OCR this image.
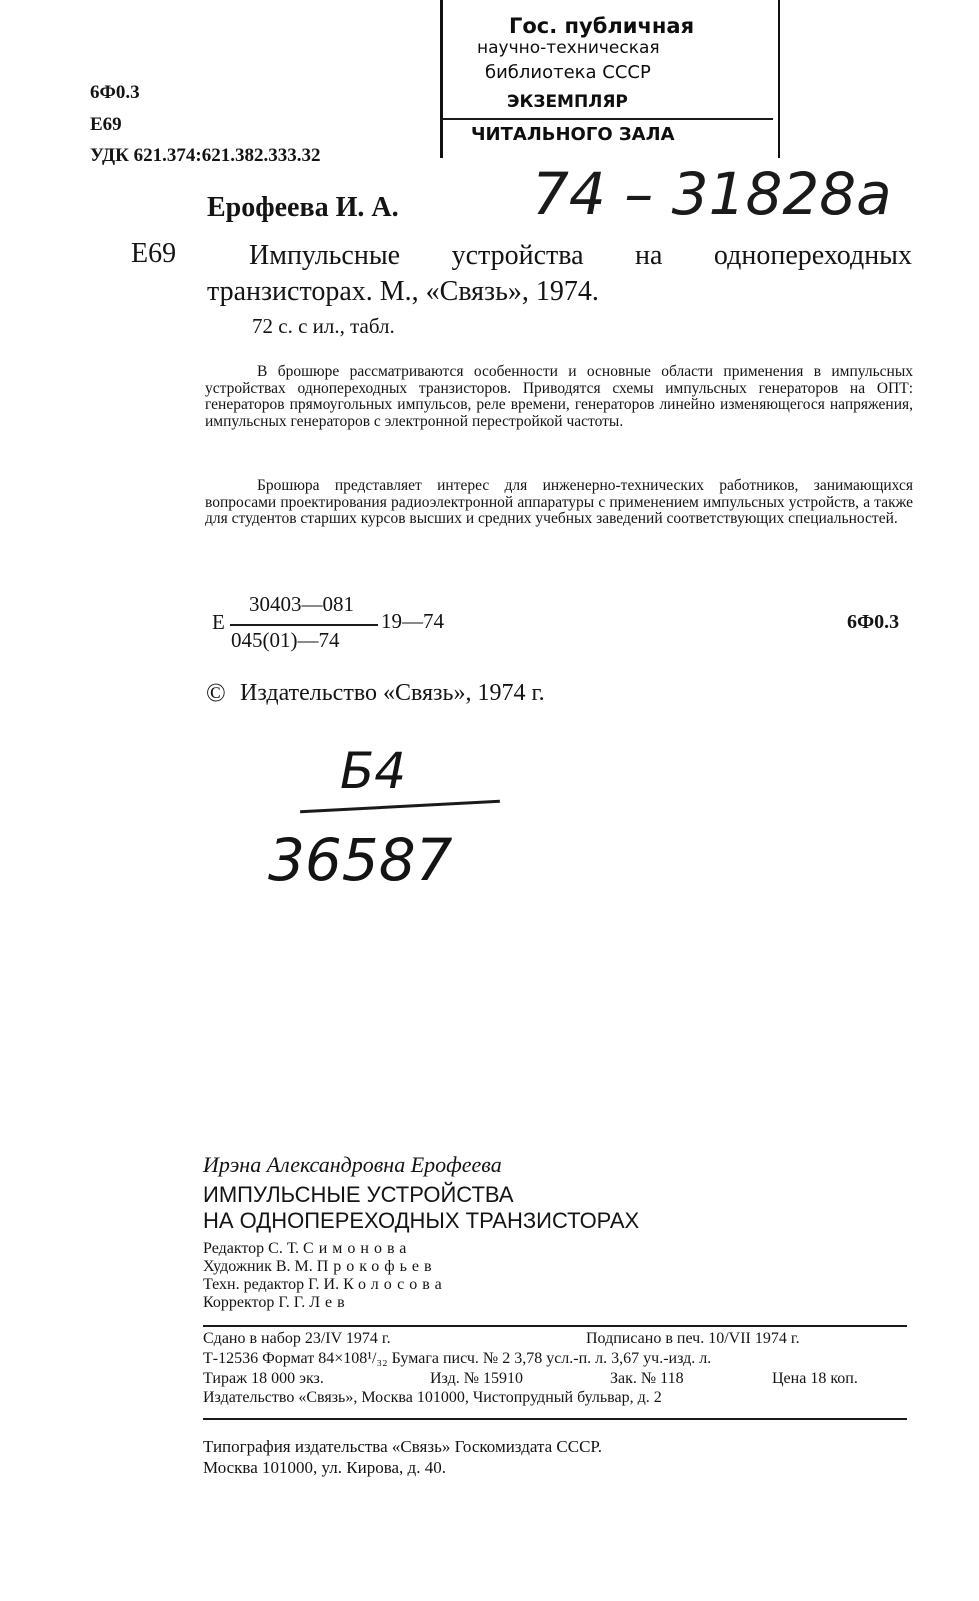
Гос. публичная
научно-техническая
библиотека СССР
ЭКЗЕМПЛЯР
ЧИТАЛЬНОГО ЗАЛА
6Ф0.3
Е69
УДК 621.374:621.382.333.32
74 – 31828а
Ерофеева И. А.
Е69	Импульсные устройства на однопереходных транзисторах. М., «Связь», 1974.
72 с. с ил., табл.
В брошюре рассматриваются особенности и основные области применения в импульсных устройствах однопереходных транзисторов. Приводятся схемы импульсных генераторов на ОПТ: генераторов прямоугольных импульсов, реле времени, генераторов линейно изменяющегося напряжения, импульсных генераторов с электронной перестройкой частоты.
Брошюра представляет интерес для инженерно-технических работников, занимающихся вопросами проектирования радиоэлектронной аппаратуры с применением импульсных устройств, а также для студентов старших курсов высших и средних учебных заведений соответствующих специальностей.
Е
30403—081
045(01)—74
19—74	6Ф0.3
© Издательство «Связь», 1974 г.
Б4
36587
Ирэна Александровна Ерофеева
ИМПУЛЬСНЫЕ УСТРОЙСТВА
НА ОДНОПЕРЕХОДНЫХ ТРАНЗИСТОРАХ
Редактор С. Т. Симонова
Художник В. М. Прокофьев
Техн. редактор Г. И. Колосова
Корректор Г. Г. Лев
Сдано в набор 23/IV 1974 г.	Подписано в печ. 10/VII 1974 г.
Т-12536 Формат 84×108¹/₃₂ Бумага писч. № 2 3,78 усл.-п. л. 3,67 уч.-изд. л.
Тираж 18 000 экз.	Изд. № 15910	Зак. № 118	Цена 18 коп.
Издательство «Связь», Москва 101000, Чистопрудный бульвар, д. 2
Типография издательства «Связь» Госкомиздата СССР.
Москва 101000, ул. Кирова, д. 40.
